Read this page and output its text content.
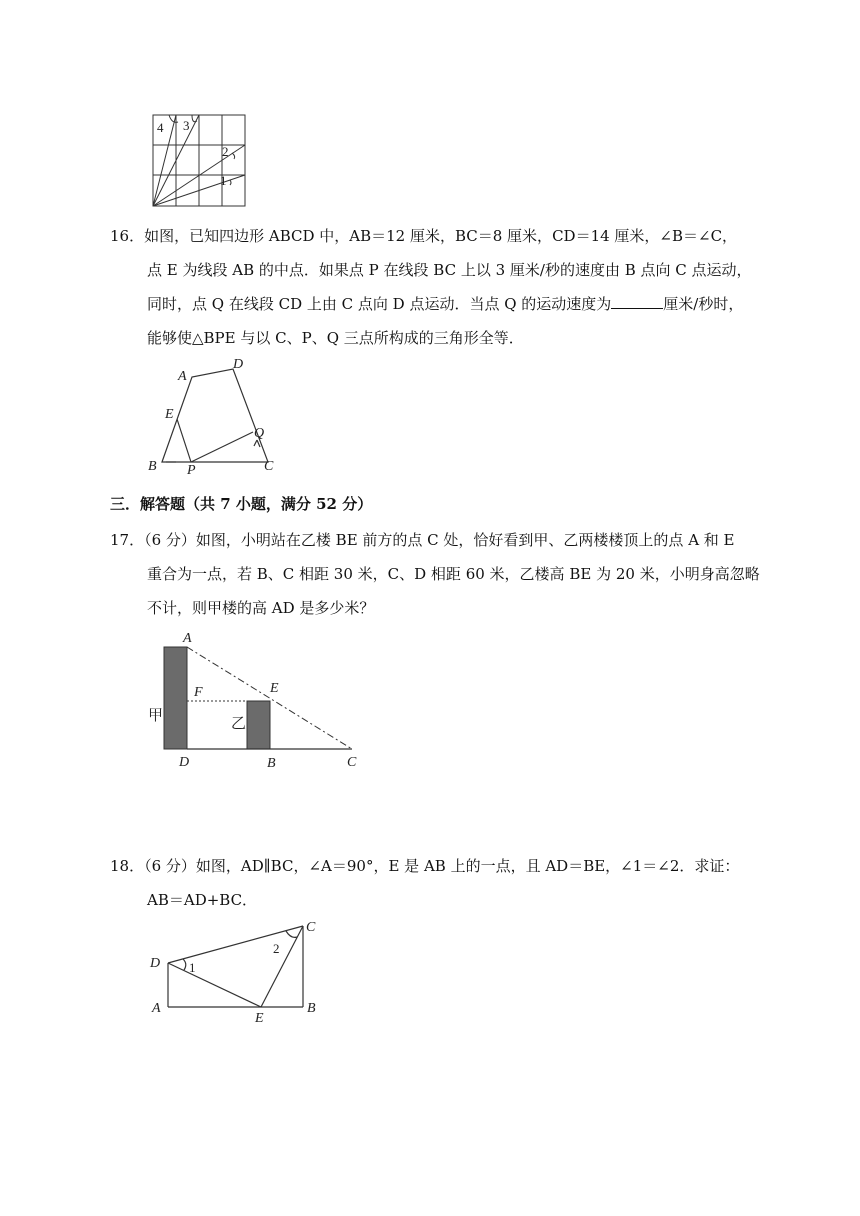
4 3
2
1
16．如图，已知四边形 ABCD 中，AB＝12 厘米，BC＝8 厘米，CD＝14 厘米，∠B＝∠C，
点 E 为线段 AB 的中点．如果点 P 在线段 BC 上以 3 厘米/秒的速度由 B 点向 C 点运动，
同时，点 Q 在线段 CD 上由 C 点向 D 点运动．当点 Q 的运动速度为	厘米/秒时，
能够使△BPE 与以 C、P、Q 三点所构成的三角形全等．
A
D
E
Q
B P	C
三．解答题（共 7 小题，满分 52 分）
17．（6 分）如图，小明站在乙楼 BE 前方的点 C 处，恰好看到甲、乙两楼楼顶上的点 A 和 E
重合为一点，若 B、C 相距 30 米，C、D 相距 60 米，乙楼高 BE 为 20 米，小明身高忽略
不计，则甲楼的高 AD 是多少米？
A
F	E
甲	乙
D	B	C
18．（6 分）如图，AD∥BC，∠A＝90°，E 是 AB 上的一点，且 AD＝BE，∠1＝∠2．求证：
AB＝AD+BC．
D
C
1
2
A
E
B
